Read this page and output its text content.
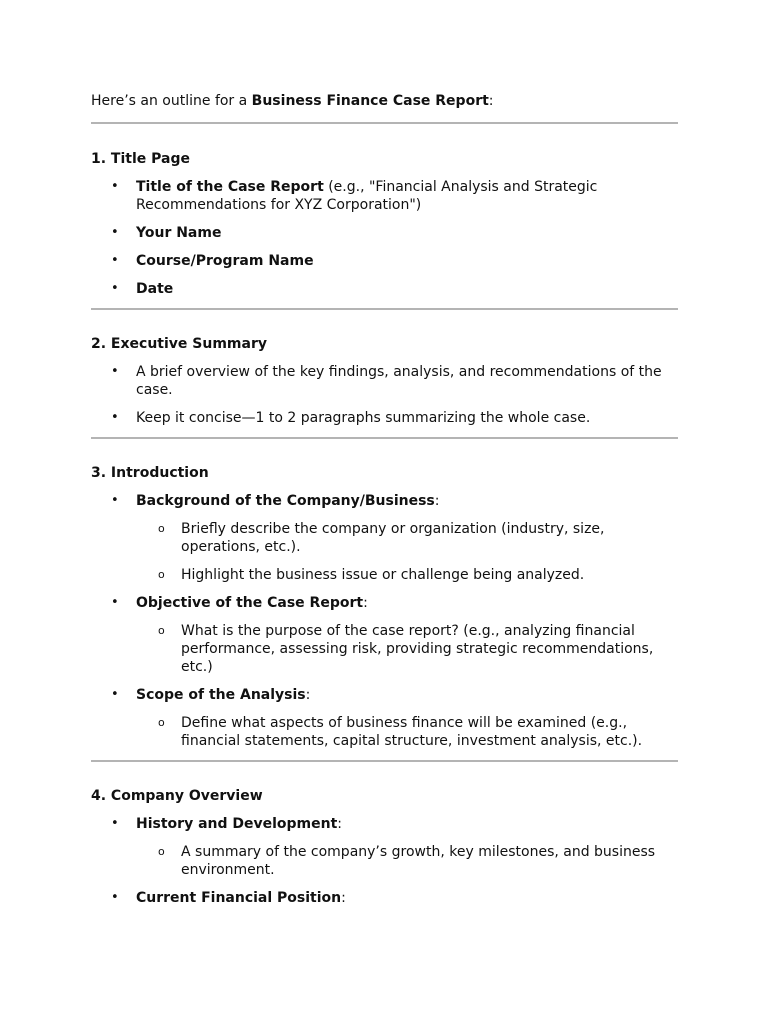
Here’s an outline for a Business Finance Case Report:

1. Title Page
• Title of the Case Report (e.g., "Financial Analysis and Strategic Recommendations for XYZ Corporation")
• Your Name
• Course/Program Name
• Date
2. Executive Summary
• A brief overview of the key findings, analysis, and recommendations of the case.
• Keep it concise—1 to 2 paragraphs summarizing the whole case.
3. Introduction
• Background of the Company/Business:
o Briefly describe the company or organization (industry, size, operations, etc.).
o Highlight the business issue or challenge being analyzed.
• Objective of the Case Report:
o What is the purpose of the case report? (e.g., analyzing financial performance, assessing risk, providing strategic recommendations, etc.)
• Scope of the Analysis:
o Define what aspects of business finance will be examined (e.g., financial statements, capital structure, investment analysis, etc.).
4. Company Overview
• History and Development:
o A summary of the company’s growth, key milestones, and business environment.
• Current Financial Position:
